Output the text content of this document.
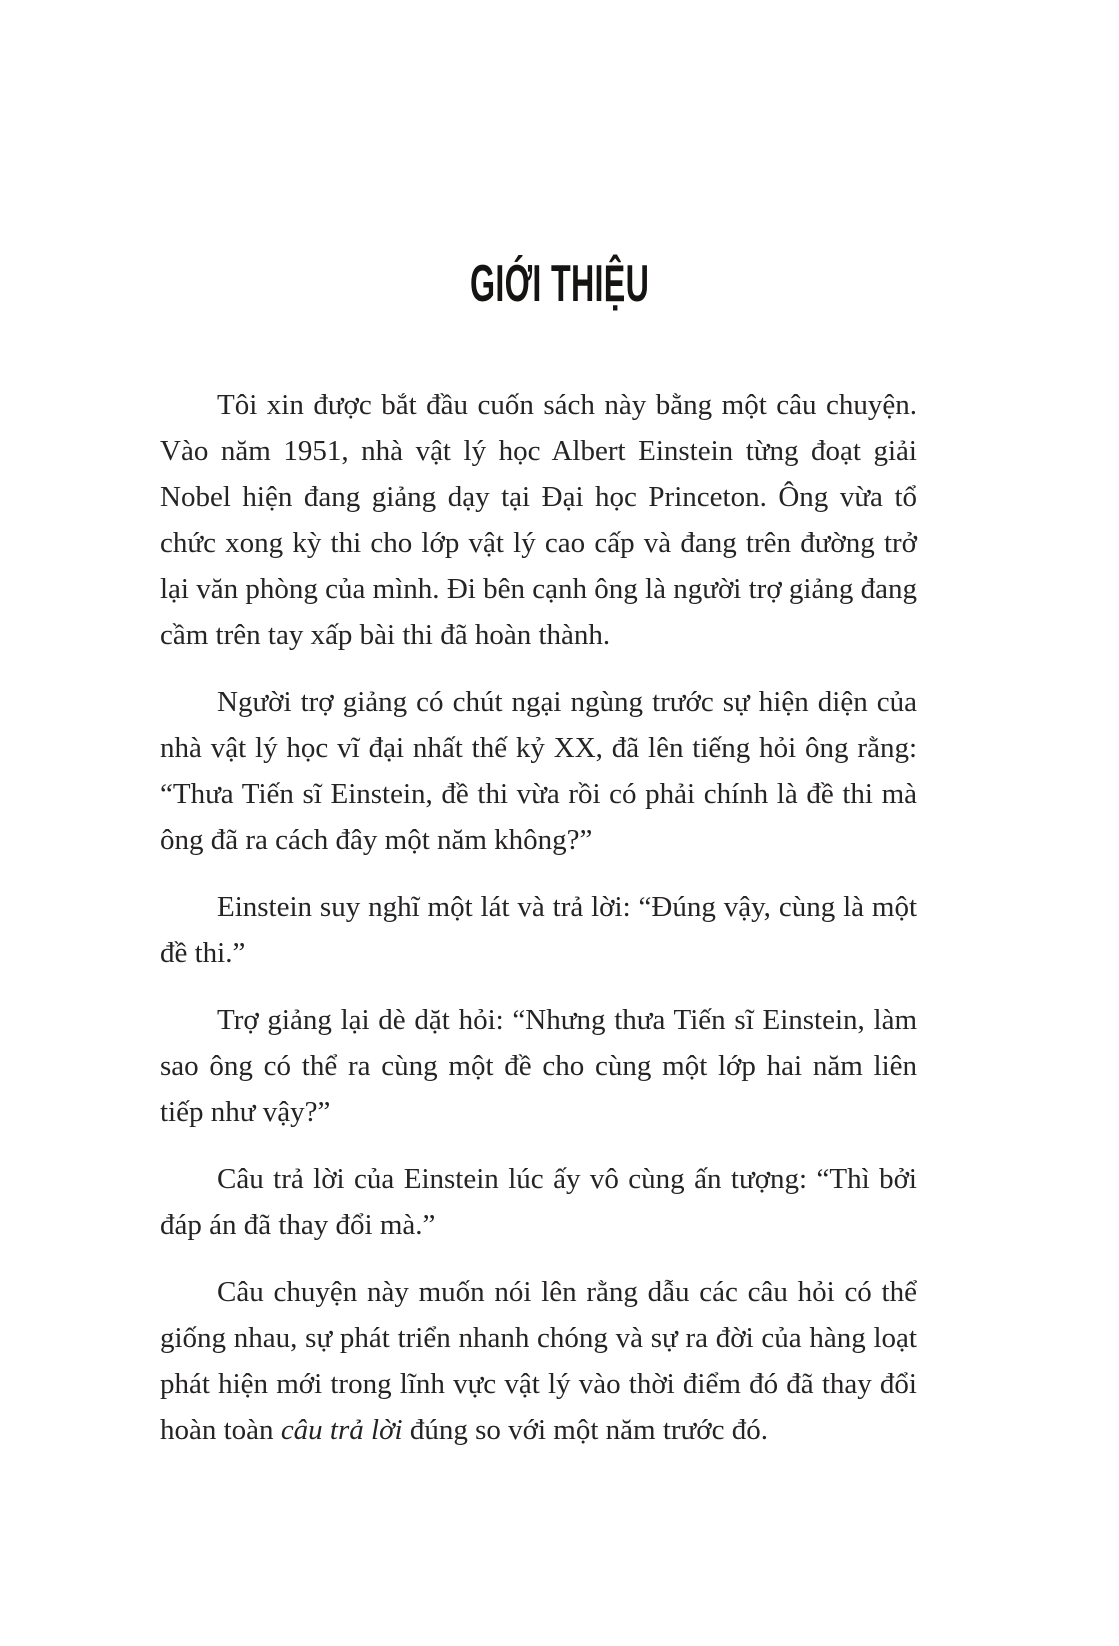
GIỚI THIỆU

Tôi xin được bắt đầu cuốn sách này bằng một câu chuyện. Vào năm 1951, nhà vật lý học Albert Einstein từng đoạt giải Nobel hiện đang giảng dạy tại Đại học Princeton. Ông vừa tổ chức xong kỳ thi cho lớp vật lý cao cấp và đang trên đường trở lại văn phòng của mình. Đi bên cạnh ông là người trợ giảng đang cầm trên tay xấp bài thi đã hoàn thành.

Người trợ giảng có chút ngại ngùng trước sự hiện diện của nhà vật lý học vĩ đại nhất thế kỷ XX, đã lên tiếng hỏi ông rằng: “Thưa Tiến sĩ Einstein, đề thi vừa rồi có phải chính là đề thi mà ông đã ra cách đây một năm không?”

Einstein suy nghĩ một lát và trả lời: “Đúng vậy, cùng là một đề thi.”

Trợ giảng lại dè dặt hỏi: “Nhưng thưa Tiến sĩ Einstein, làm sao ông có thể ra cùng một đề cho cùng một lớp hai năm liên tiếp như vậy?”

Câu trả lời của Einstein lúc ấy vô cùng ấn tượng: “Thì bởi đáp án đã thay đổi mà.”

Câu chuyện này muốn nói lên rằng dẫu các câu hỏi có thể giống nhau, sự phát triển nhanh chóng và sự ra đời của hàng loạt phát hiện mới trong lĩnh vực vật lý vào thời điểm đó đã thay đổi hoàn toàn câu trả lời đúng so với một năm trước đó.
